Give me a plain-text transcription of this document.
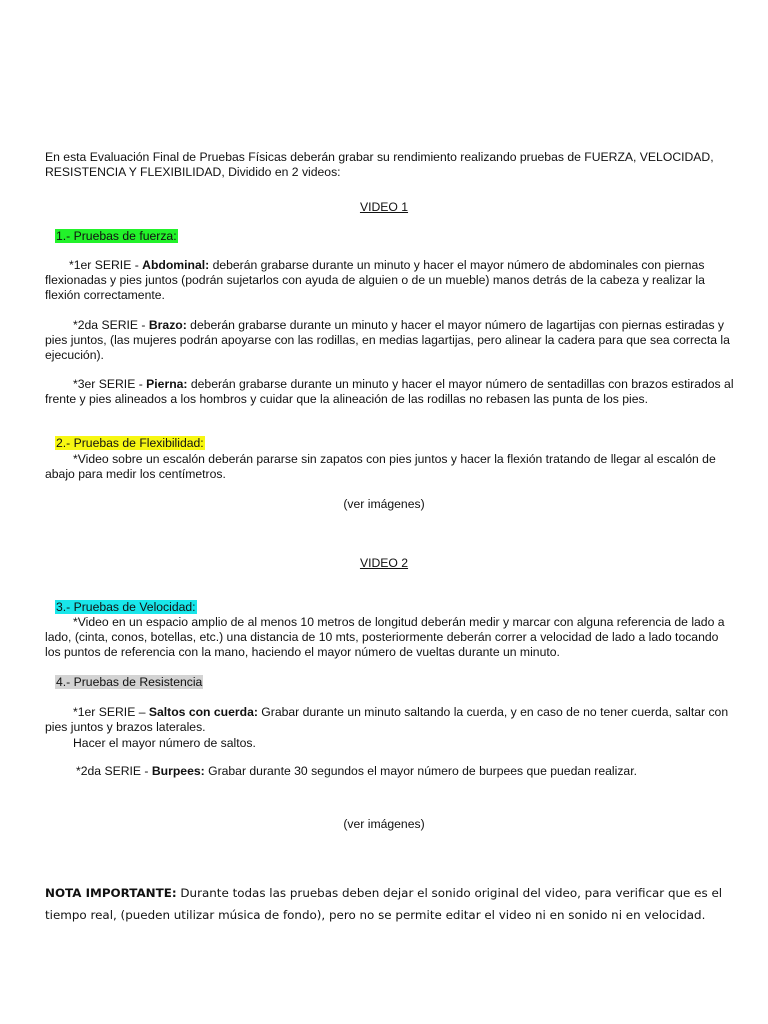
En esta Evaluación Final de Pruebas Físicas deberán grabar su rendimiento realizando pruebas de FUERZA, VELOCIDAD, RESISTENCIA Y FLEXIBILIDAD, Dividido en 2 videos:

VIDEO 1

1.- Pruebas de fuerza:

*1er SERIE - Abdominal: deberán grabarse durante un minuto y hacer el mayor número de abdominales con piernas flexionadas y pies juntos (podrán sujetarlos con ayuda de alguien o de un mueble) manos detrás de la cabeza y realizar la flexión correctamente.

*2da SERIE - Brazo: deberán grabarse durante un minuto y hacer el mayor número de lagartijas con piernas estiradas y pies juntos, (las mujeres podrán apoyarse con las rodillas, en medias lagartijas, pero alinear la cadera para que sea correcta la ejecución).

*3er SERIE - Pierna: deberán grabarse durante un minuto y hacer el mayor número de sentadillas con brazos estirados al frente y pies alineados a los hombros y cuidar que la alineación de las rodillas no rebasen las punta de los pies.

2.- Pruebas de Flexibilidad:

*Video sobre un escalón deberán pararse sin zapatos con pies juntos y hacer la flexión tratando de llegar al escalón de abajo para medir los centímetros.

(ver imágenes)

VIDEO 2

3.- Pruebas de Velocidad:

*Video en un espacio amplio de al menos 10 metros de longitud deberán medir y marcar con alguna referencia de lado a lado, (cinta, conos, botellas, etc.) una distancia de 10 mts, posteriormente deberán correr a velocidad de lado a lado tocando los puntos de referencia con la mano, haciendo el mayor número de vueltas durante un minuto.

4.- Pruebas de Resistencia

*1er SERIE – Saltos con cuerda: Grabar durante un minuto saltando la cuerda, y en caso de no tener cuerda, saltar con pies juntos y brazos laterales.

Hacer el mayor número de saltos.

*2da SERIE - Burpees: Grabar durante 30 segundos el mayor número de burpees que puedan realizar.

(ver imágenes)

NOTA IMPORTANTE: Durante todas las pruebas deben dejar el sonido original del video, para verificar que es el tiempo real, (pueden utilizar música de fondo), pero no se permite editar el video ni en sonido ni en velocidad.
